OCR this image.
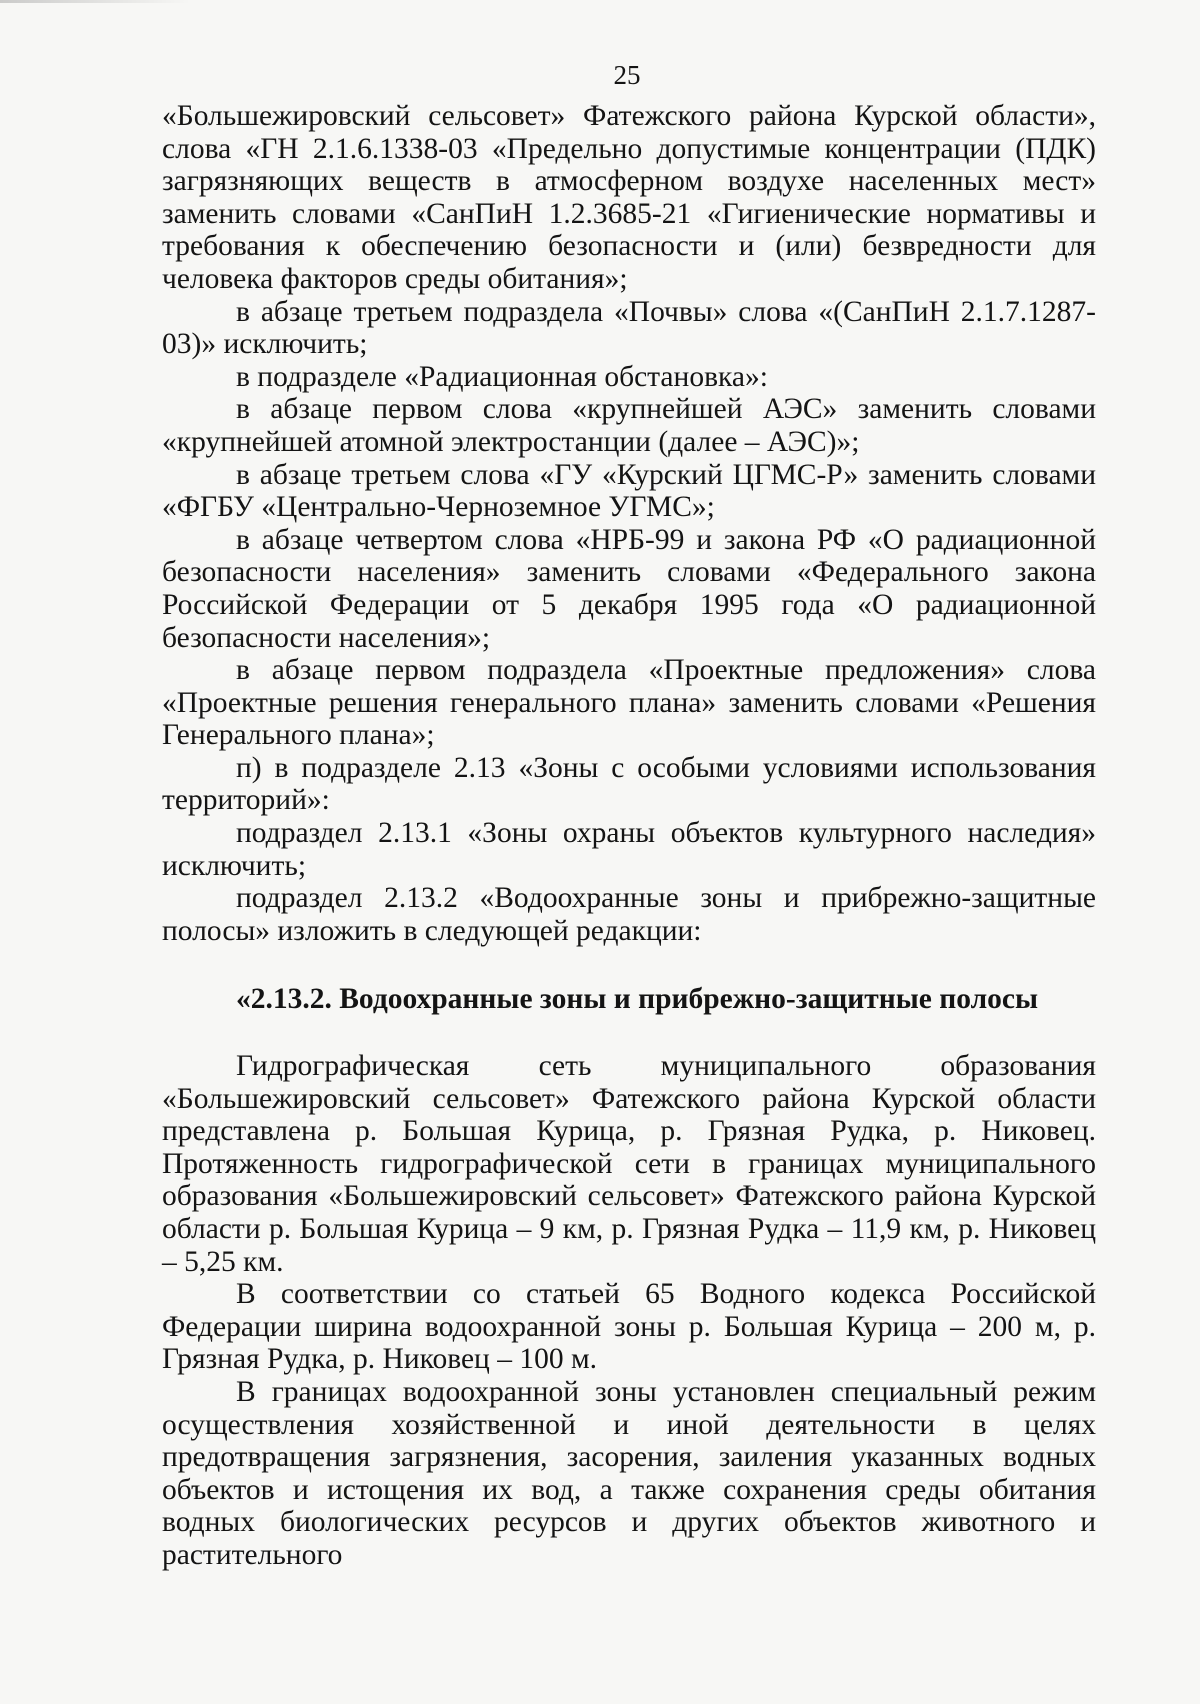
25

«Большежировский сельсовет» Фатежского района Курской области», слова «ГН 2.1.6.1338-03 «Предельно допустимые концентрации (ПДК) загрязняющих веществ в атмосферном воздухе населенных мест» заменить словами «СанПиН 1.2.3685-21 «Гигиенические нормативы и требования к обеспечению безопасности и (или) безвредности для человека факторов среды обитания»;

в абзаце третьем подраздела «Почвы» слова «(СанПиН 2.1.7.1287-03)» исключить;

в подразделе «Радиационная обстановка»:

в абзаце первом слова «крупнейшей АЭС» заменить словами «крупнейшей атомной электростанции (далее – АЭС)»;

в абзаце третьем слова «ГУ «Курский ЦГМС-Р» заменить словами «ФГБУ «Центрально-Черноземное УГМС»;

в абзаце четвертом слова «НРБ-99 и закона РФ «О радиационной безопасности населения» заменить словами «Федерального закона Российской Федерации от 5 декабря 1995 года «О радиационной безопасности населения»;

в абзаце первом подраздела «Проектные предложения» слова «Проектные решения генерального плана» заменить словами «Решения Генерального плана»;

п) в подразделе 2.13 «Зоны с особыми условиями использования территорий»:

подраздел 2.13.1 «Зоны охраны объектов культурного наследия» исключить;

подраздел 2.13.2 «Водоохранные зоны и прибрежно-защитные полосы» изложить в следующей редакции:

«2.13.2. Водоохранные зоны и прибрежно-защитные полосы

Гидрографическая сеть муниципального образования «Большежировский сельсовет» Фатежского района Курской области представлена р. Большая Курица, р. Грязная Рудка, р. Никовец. Протяженность гидрографической сети в границах муниципального образования «Большежировский сельсовет» Фатежского района Курской области р. Большая Курица – 9 км, р. Грязная Рудка – 11,9 км, р. Никовец – 5,25 км.

В соответствии со статьей 65 Водного кодекса Российской Федерации ширина водоохранной зоны р. Большая Курица – 200 м, р. Грязная Рудка, р. Никовец – 100 м.

В границах водоохранной зоны установлен специальный режим осуществления хозяйственной и иной деятельности в целях предотвращения загрязнения, засорения, заиления указанных водных объектов и истощения их вод, а также сохранения среды обитания водных биологических ресурсов и других объектов животного и растительного
